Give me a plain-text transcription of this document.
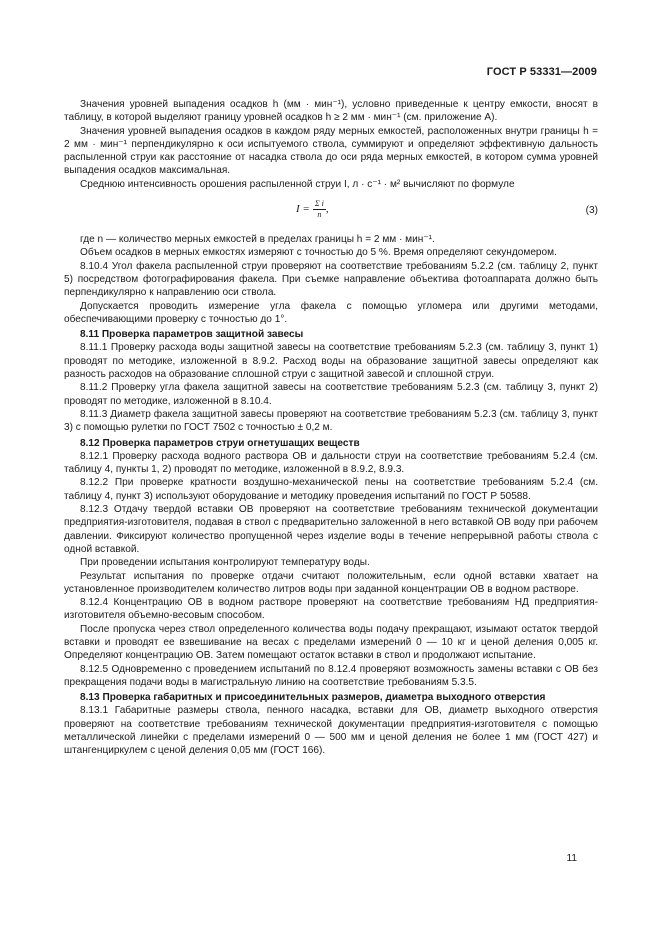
ГОСТ Р 53331—2009

Значения уровней выпадения осадков h (мм · мин⁻¹), условно приведенные к центру емкости, вносят в таблицу, в которой выделяют границу уровней осадков h ≥ 2 мм · мин⁻¹ (см. приложение А).

Значения уровней выпадения осадков в каждом ряду мерных емкостей, расположенных внутри границы h = 2 мм · мин⁻¹ перпендикулярно к оси испытуемого ствола, суммируют и определяют эффективную дальность распыленной струи как расстояние от насадка ствола до оси ряда мерных емкостей, в котором сумма уровней выпадения осадков максимальная.

Среднюю интенсивность орошения распыленной струи I, л · с⁻¹ · м² вычисляют по формуле

$I = \frac{\text{Σ i}}{n}$ ,	(3)

где n — количество мерных емкостей в пределах границы h = 2 мм · мин⁻¹.

Объем осадков в мерных емкостях измеряют с точностью до 5 %. Время определяют секундомером.

8.10.4 Угол факела распыленной струи проверяют на соответствие требованиям 5.2.2 (см. таблицу 2, пункт 5) посредством фотографирования факела. При съемке направление объектива фотоаппарата должно быть перпендикулярно к направлению оси ствола.

Допускается проводить измерение угла факела с помощью угломера или другими методами, обеспечивающими проверку с точностью до 1°.

8.11 Проверка параметров защитной завесы

8.11.1 Проверку расхода воды защитной завесы на соответствие требованиям 5.2.3 (см. таблицу 3, пункт 1) проводят по методике, изложенной в 8.9.2. Расход воды на образование защитной завесы определяют как разность расходов на образование сплошной струи с защитной завесой и сплошной струи.

8.11.2 Проверку угла факела защитной завесы на соответствие требованиям 5.2.3 (см. таблицу 3, пункт 2) проводят по методике, изложенной в 8.10.4.

8.11.3 Диаметр факела защитной завесы проверяют на соответствие требованиям 5.2.3 (см. таблицу 3, пункт 3) с помощью рулетки по ГОСТ 7502 с точностью ± 0,2 м.

8.12 Проверка параметров струи огнетушащих веществ

8.12.1 Проверку расхода водного раствора ОВ и дальности струи на соответствие требованиям 5.2.4 (см. таблицу 4, пункты 1, 2) проводят по методике, изложенной в 8.9.2, 8.9.3.

8.12.2 При проверке кратности воздушно-механической пены на соответствие требованиям 5.2.4 (см. таблицу 4, пункт 3) используют оборудование и методику проведения испытаний по ГОСТ Р 50588.

8.12.3 Отдачу твердой вставки ОВ проверяют на соответствие требованиям технической документации предприятия-изготовителя, подавая в ствол с предварительно заложенной в него вставкой ОВ воду при рабочем давлении. Фиксируют количество пропущенной через изделие воды в течение непрерывной работы ствола с одной вставкой.

При проведении испытания контролируют температуру воды.

Результат испытания по проверке отдачи считают положительным, если одной вставки хватает на установленное производителем количество литров воды при заданной концентрации ОВ в водном растворе.

8.12.4 Концентрацию ОВ в водном растворе проверяют на соответствие требованиям НД предприятия-изготовителя объемно-весовым способом.

После пропуска через ствол определенного количества воды подачу прекращают, изымают остаток твердой вставки и проводят ее взвешивание на весах с пределами измерений 0 — 10 кг и ценой деления 0,005 кг. Определяют концентрацию ОВ. Затем помещают остаток вставки в ствол и продолжают испытание.

8.12.5 Одновременно с проведением испытаний по 8.12.4 проверяют возможность замены вставки с ОВ без прекращения подачи воды в магистральную линию на соответствие требованиям 5.3.5.

8.13 Проверка габаритных и присоединительных размеров, диаметра выходного отверстия

8.13.1 Габаритные размеры ствола, пенного насадка, вставки для ОВ, диаметр выходного отверстия проверяют на соответствие требованиям технической документации предприятия-изготовителя с помощью металлической линейки с пределами измерений 0 — 500 мм и ценой деления не более 1 мм (ГОСТ 427) и штангенциркулем с ценой деления 0,05 мм (ГОСТ 166).

11
